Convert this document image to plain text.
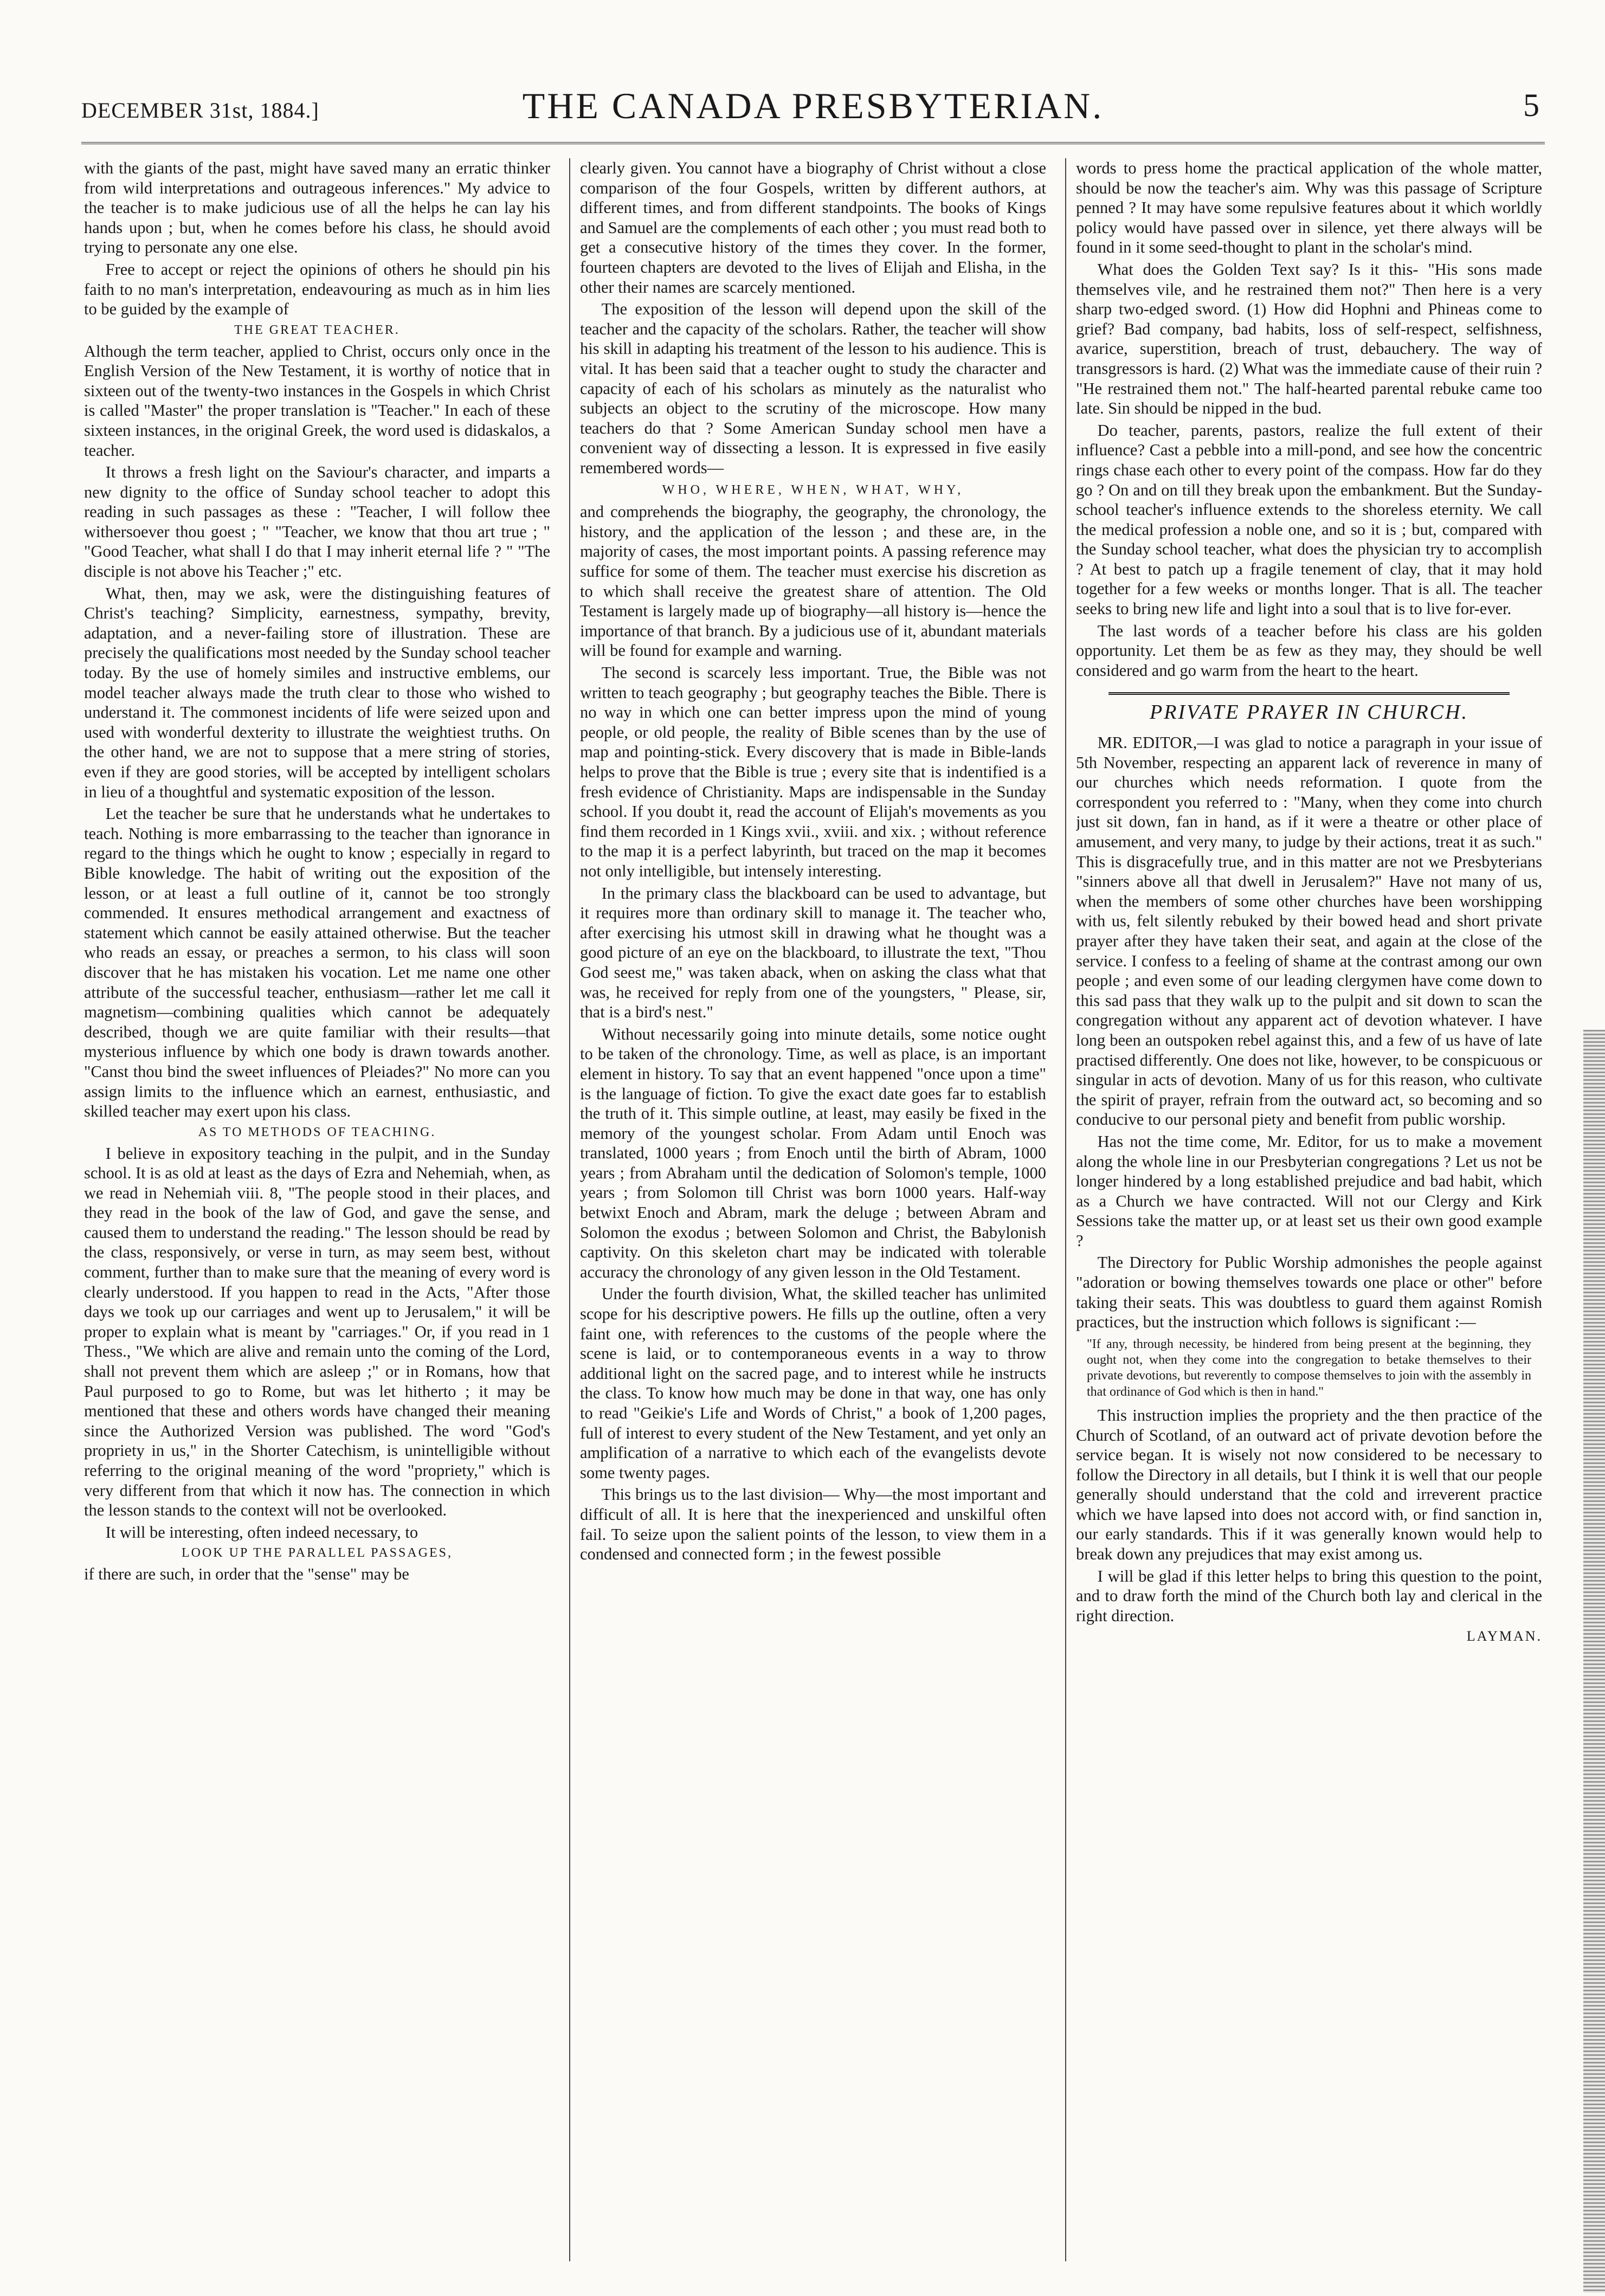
DECEMBER 31st, 1884.]	THE CANADA PRESBYTERIAN.	5

with the giants of the past, might have saved many an erratic thinker from wild interpretations and outrageous inferences." My advice to the teacher is to make judicious use of all the helps he can lay his hands upon ; but, when he comes before his class, he should avoid trying to personate any one else.

Free to accept or reject the opinions of others he should pin his faith to no man's interpretation, endeavouring as much as in him lies to be guided by the example of

THE GREAT TEACHER.

Although the term teacher, applied to Christ, occurs only once in the English Version of the New Testament, it is worthy of notice that in sixteen out of the twenty-two instances in the Gospels in which Christ is called "Master" the proper translation is "Teacher." In each of these sixteen instances, in the original Greek, the word used is didaskalos, a teacher.

It throws a fresh light on the Saviour's character, and imparts a new dignity to the office of Sunday school teacher to adopt this reading in such passages as these : "Teacher, I will follow thee withersoever thou goest ; " "Teacher, we know that thou art true ; " "Good Teacher, what shall I do that I may inherit eternal life ? " "The disciple is not above his Teacher ;" etc.

What, then, may we ask, were the distinguishing features of Christ's teaching? Simplicity, earnestness, sympathy, brevity, adaptation, and a never-failing store of illustration. These are precisely the qualifications most needed by the Sunday school teacher today. By the use of homely similes and instructive emblems, our model teacher always made the truth clear to those who wished to understand it. The commonest incidents of life were seized upon and used with wonderful dexterity to illustrate the weightiest truths. On the other hand, we are not to suppose that a mere string of stories, even if they are good stories, will be accepted by intelligent scholars in lieu of a thoughtful and systematic exposition of the lesson.

Let the teacher be sure that he understands what he undertakes to teach. Nothing is more embarrassing to the teacher than ignorance in regard to the things which he ought to know ; especially in regard to Bible knowledge. The habit of writing out the exposition of the lesson, or at least a full outline of it, cannot be too strongly commended. It ensures methodical arrangement and exactness of statement which cannot be easily attained otherwise. But the teacher who reads an essay, or preaches a sermon, to his class will soon discover that he has mistaken his vocation. Let me name one other attribute of the successful teacher, enthusiasm—rather let me call it magnetism—combining qualities which cannot be adequately described, though we are quite familiar with their results—that mysterious influence by which one body is drawn towards another. "Canst thou bind the sweet influences of Pleiades?" No more can you assign limits to the influence which an earnest, enthusiastic, and skilled teacher may exert upon his class.

AS TO METHODS OF TEACHING.

I believe in expository teaching in the pulpit, and in the Sunday school. It is as old at least as the days of Ezra and Nehemiah, when, as we read in Nehemiah viii. 8, "The people stood in their places, and they read in the book of the law of God, and gave the sense, and caused them to understand the reading." The lesson should be read by the class, responsively, or verse in turn, as may seem best, without comment, further than to make sure that the meaning of every word is clearly understood. If you happen to read in the Acts, "After those days we took up our carriages and went up to Jerusalem," it will be proper to explain what is meant by "carriages." Or, if you read in 1 Thess., "We which are alive and remain unto the coming of the Lord, shall not prevent them which are asleep ;" or in Romans, how that Paul purposed to go to Rome, but was let hitherto ; it may be mentioned that these and others words have changed their meaning since the Authorized Version was published. The word "God's propriety in us," in the Shorter Catechism, is unintelligible without referring to the original meaning of the word "propriety," which is very different from that which it now has. The connection in which the lesson stands to the context will not be overlooked.

It will be interesting, often indeed necessary, to

LOOK UP THE PARALLEL PASSAGES,

if there are such, in order that the "sense" may be

clearly given. You cannot have a biography of Christ without a close comparison of the four Gospels, written by different authors, at different times, and from different standpoints. The books of Kings and Samuel are the complements of each other ; you must read both to get a consecutive history of the times they cover. In the former, fourteen chapters are devoted to the lives of Elijah and Elisha, in the other their names are scarcely mentioned.

The exposition of the lesson will depend upon the skill of the teacher and the capacity of the scholars. Rather, the teacher will show his skill in adapting his treatment of the lesson to his audience. This is vital. It has been said that a teacher ought to study the character and capacity of each of his scholars as minutely as the naturalist who subjects an object to the scrutiny of the microscope. How many teachers do that ? Some American Sunday school men have a convenient way of dissecting a lesson. It is expressed in five easily remembered words—

WHO, WHERE, WHEN, WHAT, WHY,

and comprehends the biography, the geography, the chronology, the history, and the application of the lesson ; and these are, in the majority of cases, the most important points. A passing reference may suffice for some of them. The teacher must exercise his discretion as to which shall receive the greatest share of attention. The Old Testament is largely made up of biography—all history is—hence the importance of that branch. By a judicious use of it, abundant materials will be found for example and warning.

The second is scarcely less important. True, the Bible was not written to teach geography ; but geography teaches the Bible. There is no way in which one can better impress upon the mind of young people, or old people, the reality of Bible scenes than by the use of map and pointing-stick. Every discovery that is made in Bible-lands helps to prove that the Bible is true ; every site that is indentified is a fresh evidence of Christianity. Maps are indispensable in the Sunday school. If you doubt it, read the account of Elijah's movements as you find them recorded in 1 Kings xvii., xviii. and xix. ; without reference to the map it is a perfect labyrinth, but traced on the map it becomes not only intelligible, but intensely interesting.

In the primary class the blackboard can be used to advantage, but it requires more than ordinary skill to manage it. The teacher who, after exercising his utmost skill in drawing what he thought was a good picture of an eye on the blackboard, to illustrate the text, "Thou God seest me," was taken aback, when on asking the class what that was, he received for reply from one of the youngsters, " Please, sir, that is a bird's nest."

Without necessarily going into minute details, some notice ought to be taken of the chronology. Time, as well as place, is an important element in history. To say that an event happened "once upon a time" is the language of fiction. To give the exact date goes far to establish the truth of it. This simple outline, at least, may easily be fixed in the memory of the youngest scholar. From Adam until Enoch was translated, 1000 years ; from Enoch until the birth of Abram, 1000 years ; from Abraham until the dedication of Solomon's temple, 1000 years ; from Solomon till Christ was born 1000 years. Half-way betwixt Enoch and Abram, mark the deluge ; between Abram and Solomon the exodus ; between Solomon and Christ, the Babylonish captivity. On this skeleton chart may be indicated with tolerable accuracy the chronology of any given lesson in the Old Testament.

Under the fourth division, What, the skilled teacher has unlimited scope for his descriptive powers. He fills up the outline, often a very faint one, with references to the customs of the people where the scene is laid, or to contemporaneous events in a way to throw additional light on the sacred page, and to interest while he instructs the class. To know how much may be done in that way, one has only to read "Geikie's Life and Words of Christ," a book of 1,200 pages, full of interest to every student of the New Testament, and yet only an amplification of a narrative to which each of the evangelists devote some twenty pages.

This brings us to the last division— Why—the most important and difficult of all. It is here that the inexperienced and unskilful often fail. To seize upon the salient points of the lesson, to view them in a condensed and connected form ; in the fewest possible

words to press home the practical application of the whole matter, should be now the teacher's aim. Why was this passage of Scripture penned ? It may have some repulsive features about it which worldly policy would have passed over in silence, yet there always will be found in it some seed-thought to plant in the scholar's mind.

What does the Golden Text say? Is it this- "His sons made themselves vile, and he restrained them not?" Then here is a very sharp two-edged sword. (1) How did Hophni and Phineas come to grief? Bad company, bad habits, loss of self-respect, selfishness, avarice, superstition, breach of trust, debauchery. The way of transgressors is hard. (2) What was the immediate cause of their ruin ? "He restrained them not." The half-hearted parental rebuke came too late. Sin should be nipped in the bud.

Do teacher, parents, pastors, realize the full extent of their influence? Cast a pebble into a mill-pond, and see how the concentric rings chase each other to every point of the compass. How far do they go ? On and on till they break upon the embankment. But the Sunday-school teacher's influence extends to the shoreless eternity. We call the medical profession a noble one, and so it is ; but, compared with the Sunday school teacher, what does the physician try to accomplish ? At best to patch up a fragile tenement of clay, that it may hold together for a few weeks or months longer. That is all. The teacher seeks to bring new life and light into a soul that is to live for-ever.

The last words of a teacher before his class are his golden opportunity. Let them be as few as they may, they should be well considered and go warm from the heart to the heart.

PRIVATE PRAYER IN CHURCH.

MR. EDITOR,—I was glad to notice a paragraph in your issue of 5th November, respecting an apparent lack of reverence in many of our churches which needs reformation. I quote from the correspondent you referred to : "Many, when they come into church just sit down, fan in hand, as if it were a theatre or other place of amusement, and very many, to judge by their actions, treat it as such." This is disgracefully true, and in this matter are not we Presbyterians "sinners above all that dwell in Jerusalem?" Have not many of us, when the members of some other churches have been worshipping with us, felt silently rebuked by their bowed head and short private prayer after they have taken their seat, and again at the close of the service. I confess to a feeling of shame at the contrast among our own people ; and even some of our leading clergymen have come down to this sad pass that they walk up to the pulpit and sit down to scan the congregation without any apparent act of devotion whatever. I have long been an outspoken rebel against this, and a few of us have of late practised differently. One does not like, however, to be conspicuous or singular in acts of devotion. Many of us for this reason, who cultivate the spirit of prayer, refrain from the outward act, so becoming and so conducive to our personal piety and benefit from public worship.

Has not the time come, Mr. Editor, for us to make a movement along the whole line in our Presbyterian congregations ? Let us not be longer hindered by a long established prejudice and bad habit, which as a Church we have contracted. Will not our Clergy and Kirk Sessions take the matter up, or at least set us their own good example ?

The Directory for Public Worship admonishes the people against "adoration or bowing themselves towards one place or other" before taking their seats. This was doubtless to guard them against Romish practices, but the instruction which follows is significant :—

"If any, through necessity, be hindered from being present at the beginning, they ought not, when they come into the congregation to betake themselves to their private devotions, but reverently to compose themselves to join with the assembly in that ordinance of God which is then in hand."

This instruction implies the propriety and the then practice of the Church of Scotland, of an outward act of private devotion before the service began. It is wisely not now considered to be necessary to follow the Directory in all details, but I think it is well that our people generally should understand that the cold and irreverent practice which we have lapsed into does not accord with, or find sanction in, our early standards. This if it was generally known would help to break down any prejudices that may exist among us.

I will be glad if this letter helps to bring this question to the point, and to draw forth the mind of the Church both lay and clerical in the right direction.

LAYMAN.
